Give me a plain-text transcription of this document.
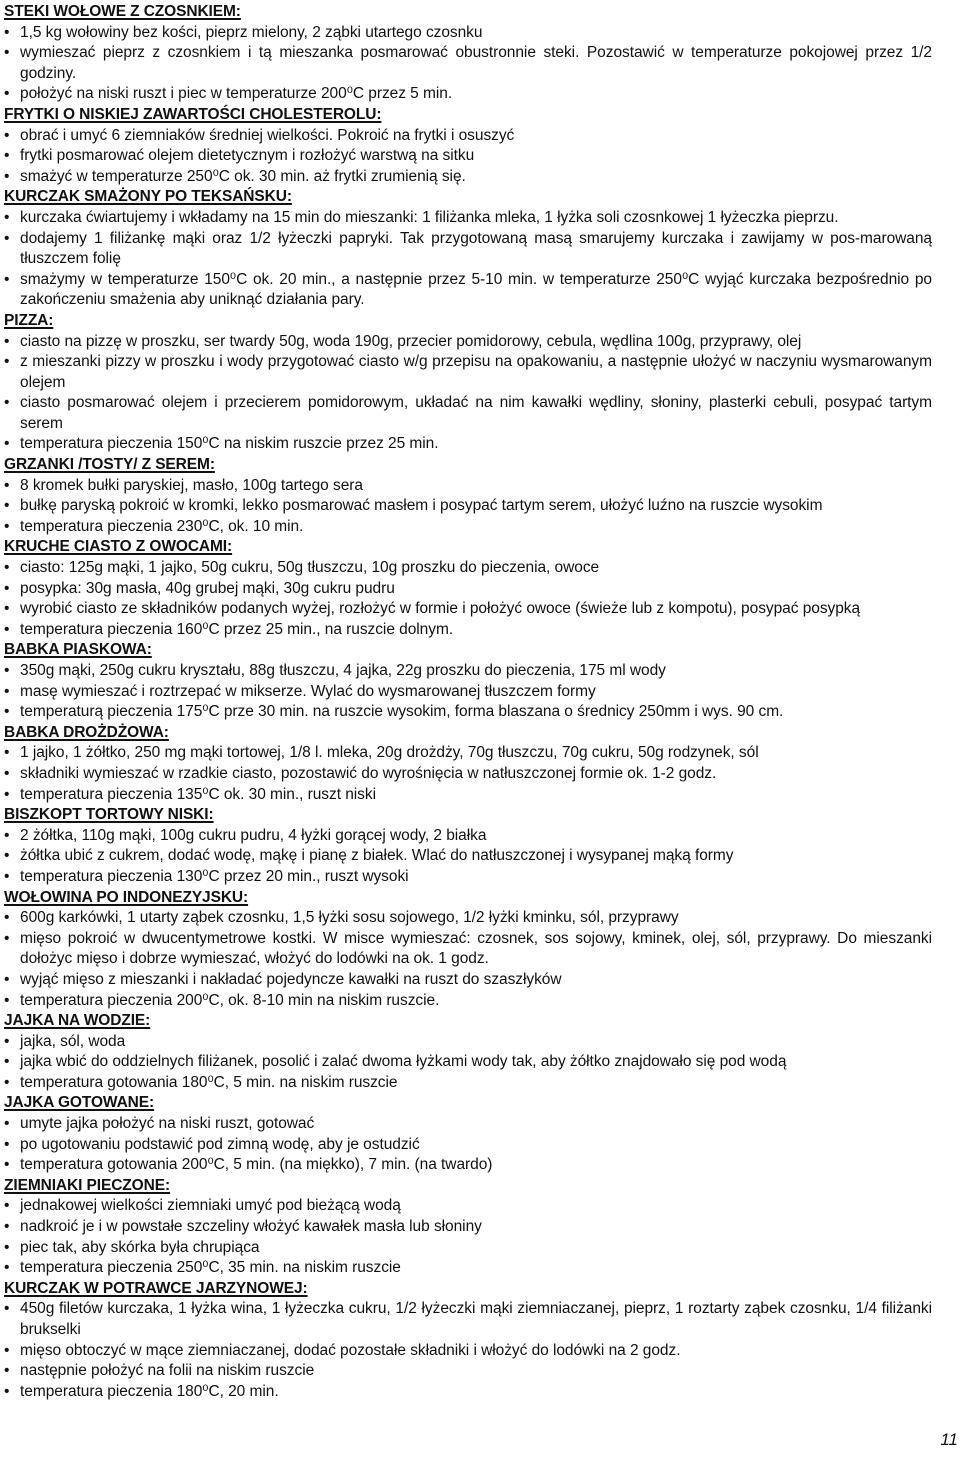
STEKI WOŁOWE Z CZOSNKIEM:
• 1,5 kg wołowiny bez kości, pieprz mielony, 2 ząbki utartego czosnku
• wymieszać pieprz z czosnkiem i tą mieszanka posmarować obustronnie steki. Pozostawić w temperaturze pokojowej przez 1/2 godziny.
• położyć na niski ruszt i piec w temperaturze 200⁰C przez 5 min.
FRYTKI O NISKIEJ ZAWARTOŚCI CHOLESTEROLU:
• obrać i umyć 6 ziemniaków średniej wielkości. Pokroić na frytki i osuszyć
• frytki posmarować olejem dietetycznym i rozłożyć warstwą na sitku
• smażyć w temperaturze 250⁰C ok. 30 min. aż frytki zrumienią się.
KURCZAK SMAŻONY PO TEKSAŃSKU:
• kurczaka ćwiartujemy i wkładamy na 15 min do mieszanki: 1 filiżanka mleka, 1 łyżka soli czosnkowej 1 łyżeczka pieprzu.
• dodajemy 1 filiżankę mąki oraz 1/2 łyżeczki papryki. Tak przygotowaną masą smarujemy kurczaka i zawijamy w pos-marowaną tłuszczem folię
• smażymy w temperaturze 150⁰C ok. 20 min., a następnie przez 5-10 min. w temperaturze 250⁰C wyjąć kurczaka bezpośrednio po zakończeniu smażenia aby uniknąć działania pary.
PIZZA:
• ciasto na pizzę w proszku, ser twardy 50g, woda 190g, przecier pomidorowy, cebula, wędlina 100g, przyprawy, olej
• z mieszanki pizzy w proszku i wody przygotować ciasto w/g przepisu na opakowaniu, a następnie ułożyć w naczyniu wysmarowanym olejem
• ciasto posmarować olejem i przecierem pomidorowym, układać na nim kawałki wędliny, słoniny, plasterki cebuli, posypać tartym serem
• temperatura pieczenia 150⁰C na niskim ruszcie przez 25 min.
GRZANKI /TOSTY/ Z SEREM:
• 8 kromek bułki paryskiej, masło, 100g tartego sera
• bułkę paryską pokroić w kromki, lekko posmarować masłem i posypać tartym serem, ułożyć luźno na ruszcie wysokim
• temperatura pieczenia 230⁰C, ok. 10 min.
KRUCHE CIASTO Z OWOCAMI:
• ciasto: 125g mąki, 1 jajko, 50g cukru, 50g tłuszczu, 10g proszku do pieczenia, owoce
• posypka: 30g masła, 40g grubej mąki, 30g cukru pudru
• wyrobić ciasto ze składników podanych wyżej, rozłożyć w formie i położyć owoce (świeże lub z kompotu), posypać posypką
• temperatura pieczenia 160⁰C przez 25 min., na ruszcie dolnym.
BABKA PIASKOWA:
• 350g mąki, 250g cukru kryształu, 88g tłuszczu, 4 jajka, 22g proszku do pieczenia, 175 ml wody
• masę wymieszać i roztrzepać w mikserze. Wylać do wysmarowanej tłuszczem formy
• temperaturą pieczenia 175⁰C prze 30 min. na ruszcie wysokim, forma blaszana o średnicy 250mm i wys. 90 cm.
BABKA DROŻDŻOWA:
• 1 jajko, 1 żółtko, 250 mg mąki tortowej, 1/8 l. mleka, 20g drożdży, 70g tłuszczu, 70g cukru, 50g rodzynek, sól
• składniki wymieszać w rzadkie ciasto, pozostawić do wyrośnięcia w natłuszczonej formie ok. 1-2 godz.
• temperatura pieczenia 135⁰C ok. 30 min., ruszt niski
BISZKOPT TORTOWY NISKI:
• 2 żółtka, 110g mąki, 100g cukru pudru, 4 łyżki gorącej wody, 2 białka
• żółtka ubić z cukrem, dodać wodę, mąkę i pianę z białek. Wlać do natłuszczonej i wysypanej mąką formy
• temperatura pieczenia 130⁰C przez 20 min., ruszt wysoki
WOŁOWINA PO INDONEZYJSKU:
• 600g karkówki, 1 utarty ząbek czosnku, 1,5 łyżki sosu sojowego, 1/2 łyżki kminku, sól, przyprawy
• mięso pokroić w dwucentymetrowe kostki. W misce wymieszać: czosnek, sos sojowy, kminek, olej, sól, przyprawy. Do mieszanki dołożyc mięso i dobrze wymieszać, włożyć do lodówki na ok. 1 godz.
• wyjąć mięso z mieszanki i nakładać pojedyncze kawałki na ruszt do szaszłyków
• temperatura pieczenia 200⁰C, ok. 8-10 min na niskim ruszcie.
JAJKA NA WODZIE:
• jajka, sól, woda
• jajka wbić do oddzielnych filiżanek, posolić i zalać dwoma łyżkami wody tak, aby żółtko znajdowało się pod wodą
• temperatura gotowania 180⁰C, 5 min. na niskim ruszcie
JAJKA GOTOWANE:
• umyte jajka położyć na niski ruszt, gotować
• po ugotowaniu podstawić pod zimną wodę, aby je ostudzić
• temperatura gotowania 200⁰C, 5 min. (na miękko), 7 min. (na twardo)
ZIEMNIAKI PIECZONE:
• jednakowej wielkości ziemniaki umyć pod bieżącą wodą
• nadkroić je i w powstałe szczeliny włożyć kawałek masła lub słoniny
• piec tak, aby skórka była chrupiąca
• temperatura pieczenia 250⁰C, 35 min. na niskim ruszcie
KURCZAK W POTRAWCE JARZYNOWEJ:
• 450g filetów kurczaka, 1 łyżka wina, 1 łyżeczka cukru, 1/2 łyżeczki mąki ziemniaczanej, pieprz, 1 roztarty ząbek czosnku, 1/4 filiżanki brukselki
• mięso obtoczyć w mące ziemniaczanej, dodać pozostałe składniki i włożyć do lodówki na 2 godz.
• następnie położyć na folii na niskim ruszcie
• temperatura pieczenia 180⁰C, 20 min.
11
